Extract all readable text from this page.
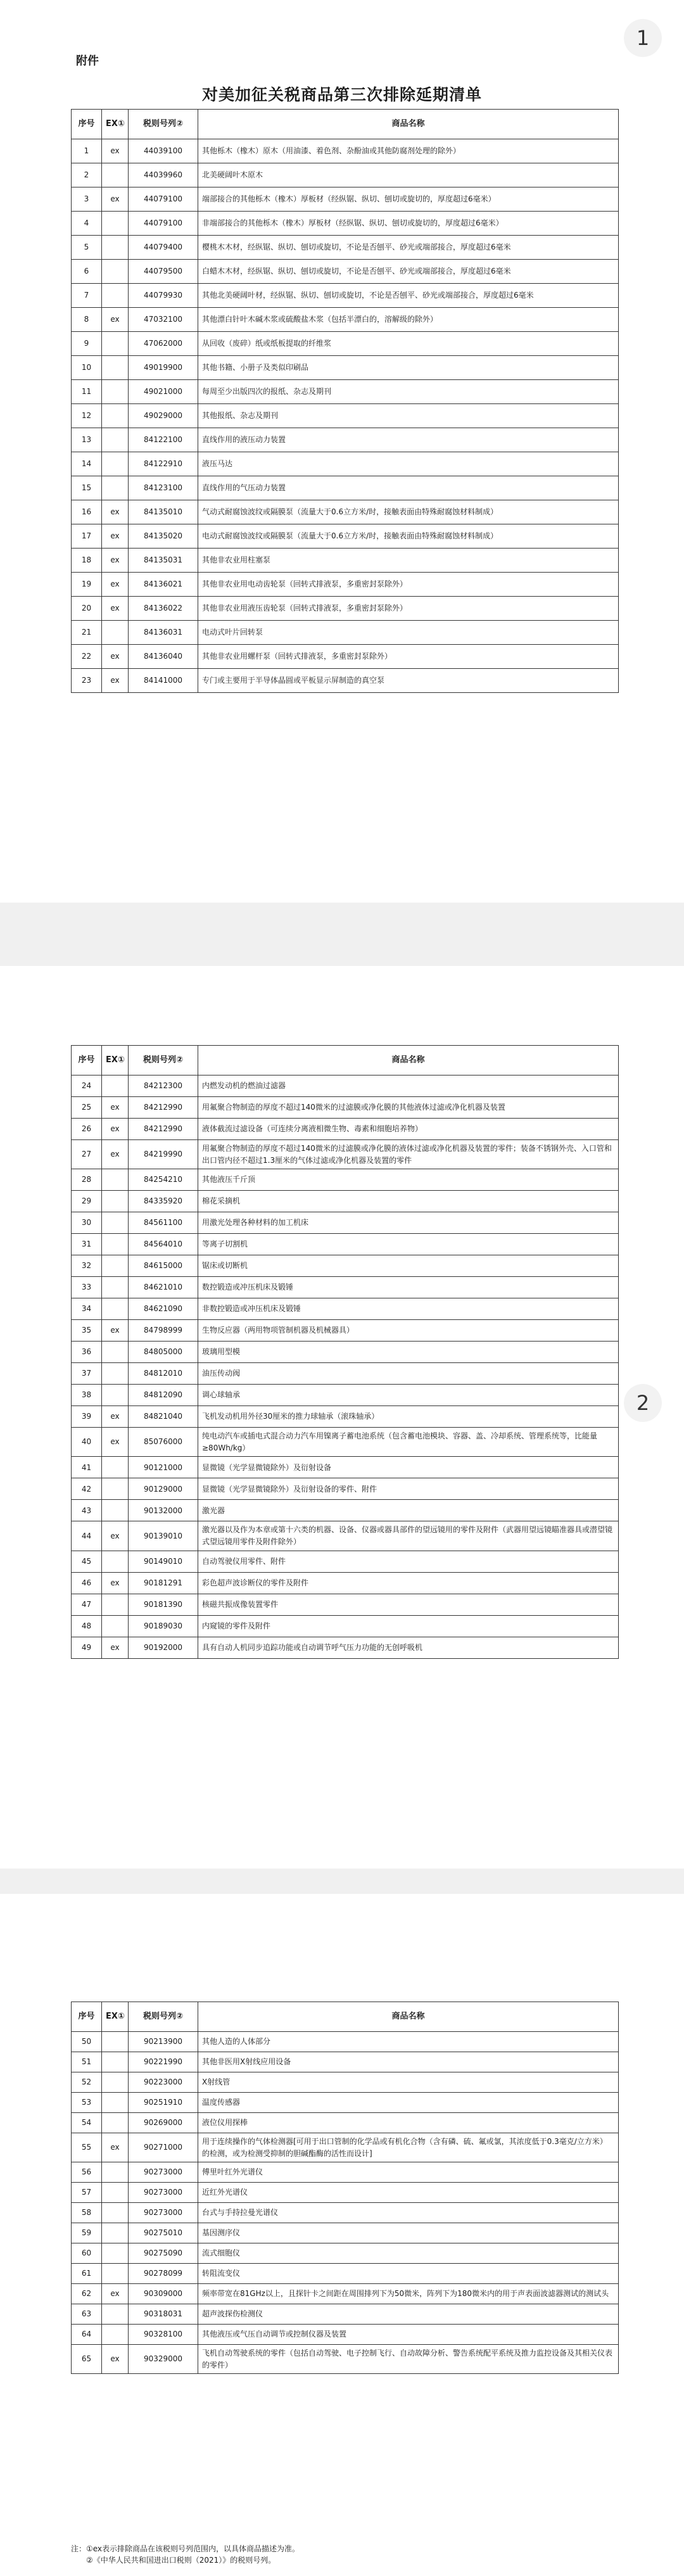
1
附件
对美加征关税商品第三次排除延期清单
序号	EX①	税则号列②	商品名称
1	ex	44039100	其他栎木（橡木）原木（用油漆、着色剂、杂酚油或其他防腐剂处理的除外）
2		44039960	北美硬阔叶木原木
3	ex	44079100	端部接合的其他栎木（橡木）厚板材（经纵锯、纵切、刨切或旋切的，厚度超过6毫米）
4		44079100	非端部接合的其他栎木（橡木）厚板材（经纵锯、纵切、刨切或旋切的，厚度超过6毫米）
5		44079400	樱桃木木材，经纵锯、纵切、刨切或旋切，不论是否刨平、砂光或端部接合，厚度超过6毫米
6		44079500	白蜡木木材，经纵锯、纵切、刨切或旋切，不论是否刨平、砂光或端部接合，厚度超过6毫米
7		44079930	其他北美硬阔叶材，经纵锯、纵切、刨切或旋切，不论是否刨平、砂光或端部接合，厚度超过6毫米
8	ex	47032100	其他漂白针叶木碱木浆或硫酸盐木浆（包括半漂白的，溶解级的除外）
9		47062000	从回收（废碎）纸或纸板提取的纤维浆
10		49019900	其他书籍、小册子及类似印刷品
11		49021000	每周至少出版四次的报纸、杂志及期刊
12		49029000	其他报纸、杂志及期刊
13		84122100	直线作用的液压动力装置
14		84122910	液压马达
15		84123100	直线作用的气压动力装置
16	ex	84135010	气动式耐腐蚀波纹或隔膜泵（流量大于0.6立方米/时，接触表面由特殊耐腐蚀材料制成）
17	ex	84135020	电动式耐腐蚀波纹或隔膜泵（流量大于0.6立方米/时，接触表面由特殊耐腐蚀材料制成）
18	ex	84135031	其他非农业用柱塞泵
19	ex	84136021	其他非农业用电动齿轮泵（回转式排液泵，多重密封泵除外）
20	ex	84136022	其他非农业用液压齿轮泵（回转式排液泵，多重密封泵除外）
21		84136031	电动式叶片回转泵
22	ex	84136040	其他非农业用螺杆泵（回转式排液泵，多重密封泵除外）
23	ex	84141000	专门或主要用于半导体晶圆或平板显示屏制造的真空泵
2
序号	EX①	税则号列②	商品名称
24		84212300	内燃发动机的燃油过滤器
25	ex	84212990	用氟聚合物制造的厚度不超过140微米的过滤膜或净化膜的其他液体过滤或净化机器及装置
26	ex	84212990	液体截流过滤设备（可连续分离液相微生物、毒素和细胞培养物）
27	ex	84219990	用氟聚合物制造的厚度不超过140微米的过滤膜或净化膜的液体过滤或净化机器及装置的零件；装备不锈钢外壳、入口管和出口管内径不超过1.3厘米的气体过滤或净化机器及装置的零件
28		84254210	其他液压千斤顶
29		84335920	棉花采摘机
30		84561100	用激光处理各种材料的加工机床
31		84564010	等离子切割机
32		84615000	锯床或切断机
33		84621010	数控锻造或冲压机床及锻锤
34		84621090	非数控锻造或冲压机床及锻锤
35	ex	84798999	生物反应器（两用物项管制机器及机械器具）
36		84805000	玻璃用型模
37		84812010	油压传动阀
38		84812090	调心球轴承
39	ex	84821040	飞机发动机用外径30厘米的推力球轴承（滚珠轴承）
40	ex	85076000	纯电动汽车或插电式混合动力汽车用镍离子蓄电池系统（包含蓄电池模块、容器、盖、冷却系统、管理系统等，比能量≥80Wh/kg）
41		90121000	显微镜（光学显微镜除外）及衍射设备
42		90129000	显微镜（光学显微镜除外）及衍射设备的零件、附件
43		90132000	激光器
44	ex	90139010	激光器以及作为本章或第十六类的机器、设备、仪器或器具部件的望远镜用的零件及附件（武器用望远镜瞄准器具或潜望镜式望远镜用零件及附件除外）
45		90149010	自动驾驶仪用零件、附件
46	ex	90181291	彩色超声波诊断仪的零件及附件
47		90181390	核磁共振成像装置零件
48		90189030	内窥镜的零件及附件
49	ex	90192000	具有自动人机同步追踪功能或自动调节呼气压力功能的无创呼吸机
序号	EX①	税则号列②	商品名称
50		90213900	其他人造的人体部分
51		90221990	其他非医用X射线应用设备
52		90223000	X射线管
53		90251910	温度传感器
54		90269000	液位仪用探棒
55	ex	90271000	用于连续操作的气体检测器[可用于出口管制的化学品或有机化合物（含有磷、硫、氟或氯，其浓度低于0.3毫克/立方米）的检测，或为检测受抑制的胆碱酯酶的活性而设计]
56		90273000	傅里叶红外光谱仪
57		90273000	近红外光谱仪
58		90273000	台式与手持拉曼光谱仪
59		90275010	基因测序仪
60		90275090	流式细胞仪
61		90278099	转阻流变仪
62	ex	90309000	频率带宽在81GHz以上，且探针卡之间距在周围排列下为50微米，阵列下为180微米内的用于声表面波滤器测试的测试头
63		90318031	超声波探伤检测仪
64		90328100	其他液压或气压自动调节或控制仪器及装置
65	ex	90329000	飞机自动驾驶系统的零件（包括自动驾驶、电子控制飞行、自动故障分析、警告系统配平系统及推力监控设备及其相关仪表的零件）
注：①ex表示排除商品在该税则号列范围内，以具体商品描述为准。
②《中华人民共和国进出口税则（2021）》的税则号列。
